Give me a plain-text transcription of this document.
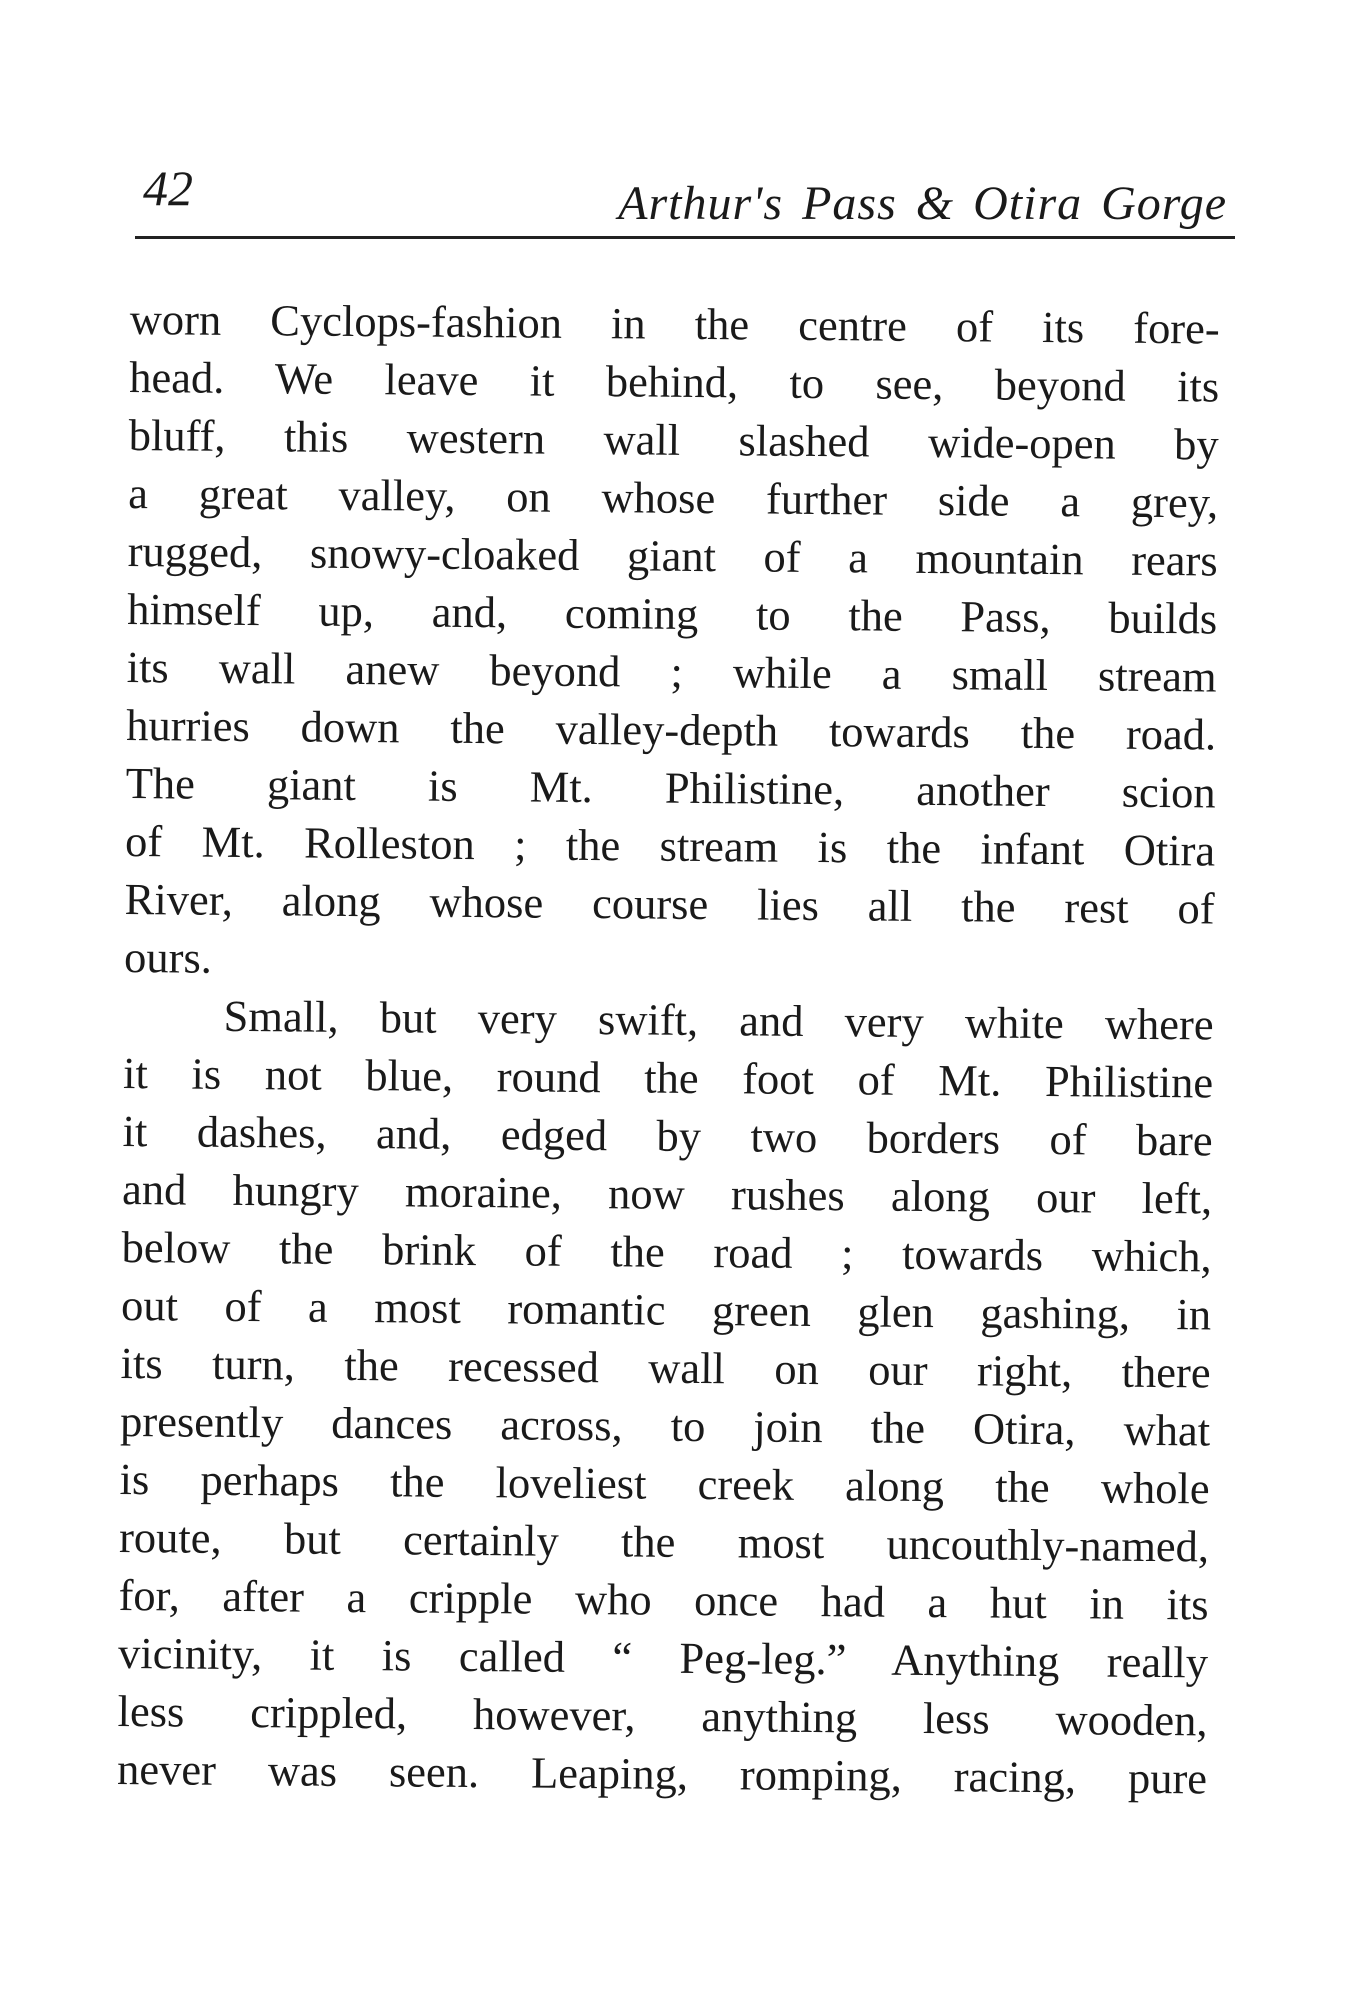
42	Arthur's Pass & Otira Gorge
worn Cyclops-fashion in the centre of its fore-
head. We leave it behind, to see, beyond its
bluff, this western wall slashed wide-open by
a great valley, on whose further side a grey,
rugged, snowy-cloaked giant of a mountain rears
himself up, and, coming to the Pass, builds
its wall anew beyond ; while a small stream
hurries down the valley-depth towards the road.
The giant is Mt. Philistine, another scion
of Mt. Rolleston ; the stream is the infant Otira
River, along whose course lies all the rest of
ours.
Small, but very swift, and very white where
it is not blue, round the foot of Mt. Philistine
it dashes, and, edged by two borders of bare
and hungry moraine, now rushes along our left,
below the brink of the road ; towards which,
out of a most romantic green glen gashing, in
its turn, the recessed wall on our right, there
presently dances across, to join the Otira, what
is perhaps the loveliest creek along the whole
route, but certainly the most uncouthly-named,
for, after a cripple who once had a hut in its
vicinity, it is called “ Peg-leg.” Anything really
less crippled, however, anything less wooden,
never was seen. Leaping, romping, racing, pure
